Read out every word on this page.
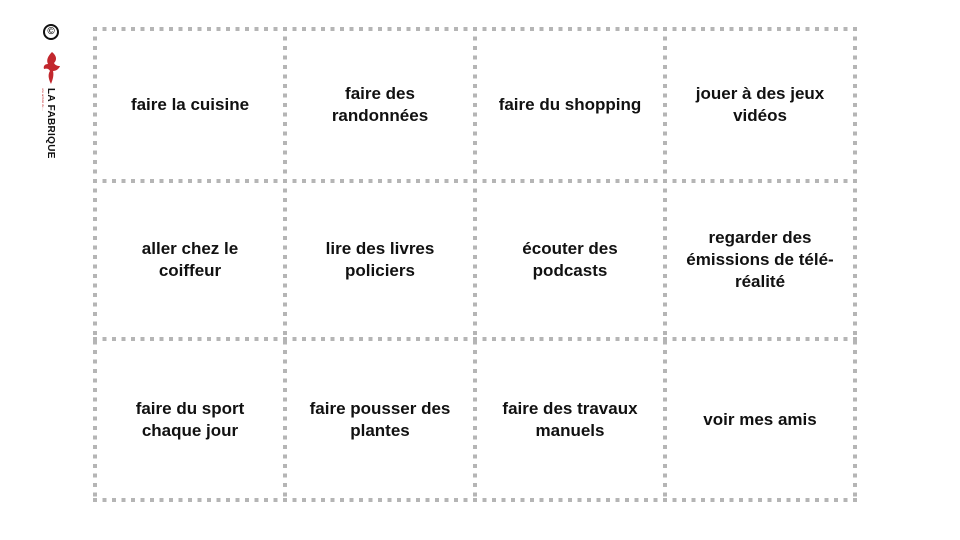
©
LA FABRIQUE
une activité du ...	faire la cuisine
faire des randonnées
faire du shopping
jouer à des jeux vidéos
aller chez le coiffeur
lire des livres policiers
écouter des podcasts
regarder des émissions de télé-réalité
faire du sport chaque jour
faire pousser des plantes
faire des travaux manuels
voir mes amis
